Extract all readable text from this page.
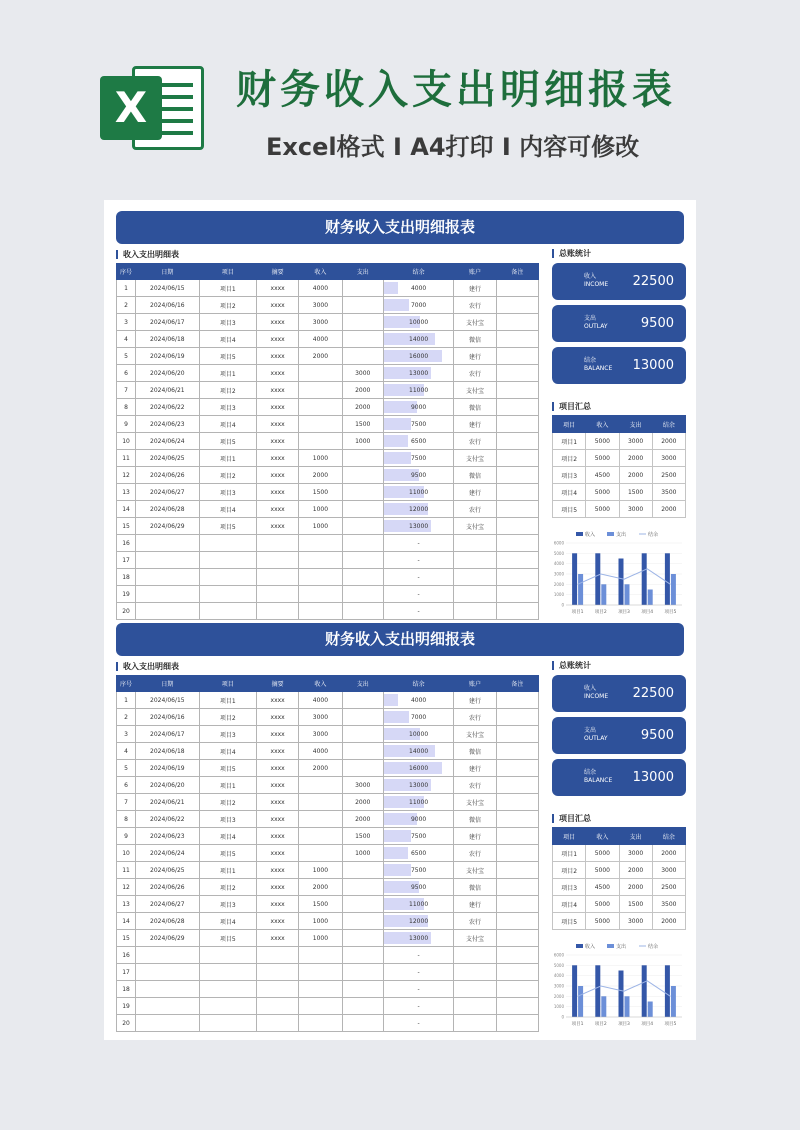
X	财务收入支出明细报表
Excel格式 I A4打印 I 内容可修改
财务收入支出明细报表
收入支出明细表	总账统计
项目汇总
序号	日期	项目	摘要	收入	支出	结余	账户	备注
1	2024/06/15	项目1	xxxx	4000		4000	建行	
2	2024/06/16	项目2	xxxx	3000		7000	农行	
3	2024/06/17	项目3	xxxx	3000		10000	支付宝	
4	2024/06/18	项目4	xxxx	4000		14000	微信	
5	2024/06/19	项目5	xxxx	2000		16000	建行	
6	2024/06/20	项目1	xxxx		3000	13000	农行	
7	2024/06/21	项目2	xxxx		2000	11000	支付宝	
8	2024/06/22	项目3	xxxx		2000	9000	微信	
9	2024/06/23	项目4	xxxx		1500	7500	建行	
10	2024/06/24	项目5	xxxx		1000	6500	农行	
11	2024/06/25	项目1	xxxx	1000		7500	支付宝	
12	2024/06/26	项目2	xxxx	2000		9500	微信	
13	2024/06/27	项目3	xxxx	1500		11000	建行	
14	2024/06/28	项目4	xxxx	1000		12000	农行	
15	2024/06/29	项目5	xxxx	1000		13000	支付宝	
16						-		
17						-		
18						-		
19						-		
20						-		
收入
INCOME 22500
支出
OUTLAY	9500
结余
BALANCE 13000
项目	收入	支出	结余
项目1	5000	3000	2000
项目2	5000	2000	3000
项目3	4500	2000	2500
项目4	5000	1500	3500
项目5	5000	3000	2000
收入	支出	结余
6000
5000
4000
3000
2000
1000
0
项目1	项目2	项目3	项目4	项目5
财务收入支出明细报表
收入支出明细表	总账统计
项目汇总
序号	日期	项目	摘要	收入	支出	结余	账户	备注
1	2024/06/15	项目1	xxxx	4000		4000	建行	
2	2024/06/16	项目2	xxxx	3000		7000	农行	
3	2024/06/17	项目3	xxxx	3000		10000	支付宝	
4	2024/06/18	项目4	xxxx	4000		14000	微信	
5	2024/06/19	项目5	xxxx	2000		16000	建行	
6	2024/06/20	项目1	xxxx		3000	13000	农行	
7	2024/06/21	项目2	xxxx		2000	11000	支付宝	
8	2024/06/22	项目3	xxxx		2000	9000	微信	
9	2024/06/23	项目4	xxxx		1500	7500	建行	
10	2024/06/24	项目5	xxxx		1000	6500	农行	
11	2024/06/25	项目1	xxxx	1000		7500	支付宝	
12	2024/06/26	项目2	xxxx	2000		9500	微信	
13	2024/06/27	项目3	xxxx	1500		11000	建行	
14	2024/06/28	项目4	xxxx	1000		12000	农行	
15	2024/06/29	项目5	xxxx	1000		13000	支付宝	
16						-		
17						-		
18						-		
19						-		
20						-		
收入
INCOME 22500
支出
OUTLAY	9500
结余
BALANCE 13000
项目	收入	支出	结余
项目1	5000	3000	2000
项目2	5000	2000	3000
项目3	4500	2000	2500
项目4	5000	1500	3500
项目5	5000	3000	2000
收入	支出	结余
6000
5000
4000
3000
2000
1000
0
项目1	项目2	项目3	项目4	项目5
